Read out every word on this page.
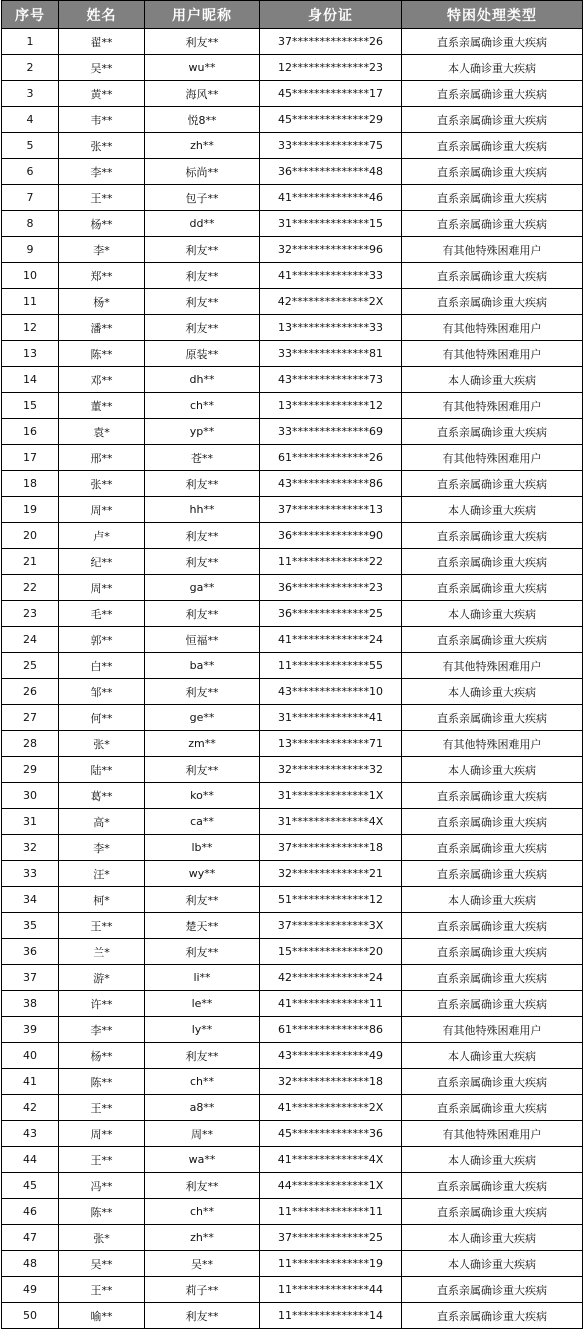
序号	姓名	用户昵称	身份证	特困处理类型
1	翟**	利友**	37**************26	直系亲属确诊重大疾病
2	吴**	wu**	12**************23	本人确诊重大疾病
3	黄**	海风**	45**************17	直系亲属确诊重大疾病
4	韦**	悦8**	45**************29	直系亲属确诊重大疾病
5	张**	zh**	33**************75	直系亲属确诊重大疾病
6	李**	标尚**	36**************48	直系亲属确诊重大疾病
7	王**	包子**	41**************46	直系亲属确诊重大疾病
8	杨**	dd**	31**************15	直系亲属确诊重大疾病
9	李*	利友**	32**************96	有其他特殊困难用户
10	郑**	利友**	41**************33	直系亲属确诊重大疾病
11	杨*	利友**	42**************2X	直系亲属确诊重大疾病
12	潘**	利友**	13**************33	有其他特殊困难用户
13	陈**	原装**	33**************81	有其他特殊困难用户
14	邓**	dh**	43**************73	本人确诊重大疾病
15	董**	ch**	13**************12	有其他特殊困难用户
16	袁*	yp**	33**************69	直系亲属确诊重大疾病
17	邢**	苍**	61**************26	有其他特殊困难用户
18	张**	利友**	43**************86	直系亲属确诊重大疾病
19	周**	hh**	37**************13	本人确诊重大疾病
20	卢*	利友**	36**************90	直系亲属确诊重大疾病
21	纪**	利友**	11**************22	直系亲属确诊重大疾病
22	周**	ga**	36**************23	直系亲属确诊重大疾病
23	毛**	利友**	36**************25	本人确诊重大疾病
24	郭**	恒福**	41**************24	直系亲属确诊重大疾病
25	白**	ba**	11**************55	有其他特殊困难用户
26	邹**	利友**	43**************10	本人确诊重大疾病
27	何**	ge**	31**************41	直系亲属确诊重大疾病
28	张*	zm**	13**************71	有其他特殊困难用户
29	陆**	利友**	32**************32	本人确诊重大疾病
30	葛**	ko**	31**************1X	直系亲属确诊重大疾病
31	高*	ca**	31**************4X	直系亲属确诊重大疾病
32	李*	lb**	37**************18	直系亲属确诊重大疾病
33	汪*	wy**	32**************21	直系亲属确诊重大疾病
34	柯*	利友**	51**************12	本人确诊重大疾病
35	王**	楚天**	37**************3X	直系亲属确诊重大疾病
36	兰*	利友**	15**************20	直系亲属确诊重大疾病
37	游*	li**	42**************24	直系亲属确诊重大疾病
38	许**	le**	41**************11	直系亲属确诊重大疾病
39	李**	ly**	61**************86	有其他特殊困难用户
40	杨**	利友**	43**************49	本人确诊重大疾病
41	陈**	ch**	32**************18	直系亲属确诊重大疾病
42	王**	a8**	41**************2X	直系亲属确诊重大疾病
43	周**	周**	45**************36	有其他特殊困难用户
44	王**	wa**	41**************4X	本人确诊重大疾病
45	冯**	利友**	44**************1X	直系亲属确诊重大疾病
46	陈**	ch**	11**************11	直系亲属确诊重大疾病
47	张*	zh**	37**************25	本人确诊重大疾病
48	吴**	吴**	11**************19	本人确诊重大疾病
49	王**	莉子**	11**************44	直系亲属确诊重大疾病
50	喻**	利友**	11**************14	直系亲属确诊重大疾病
